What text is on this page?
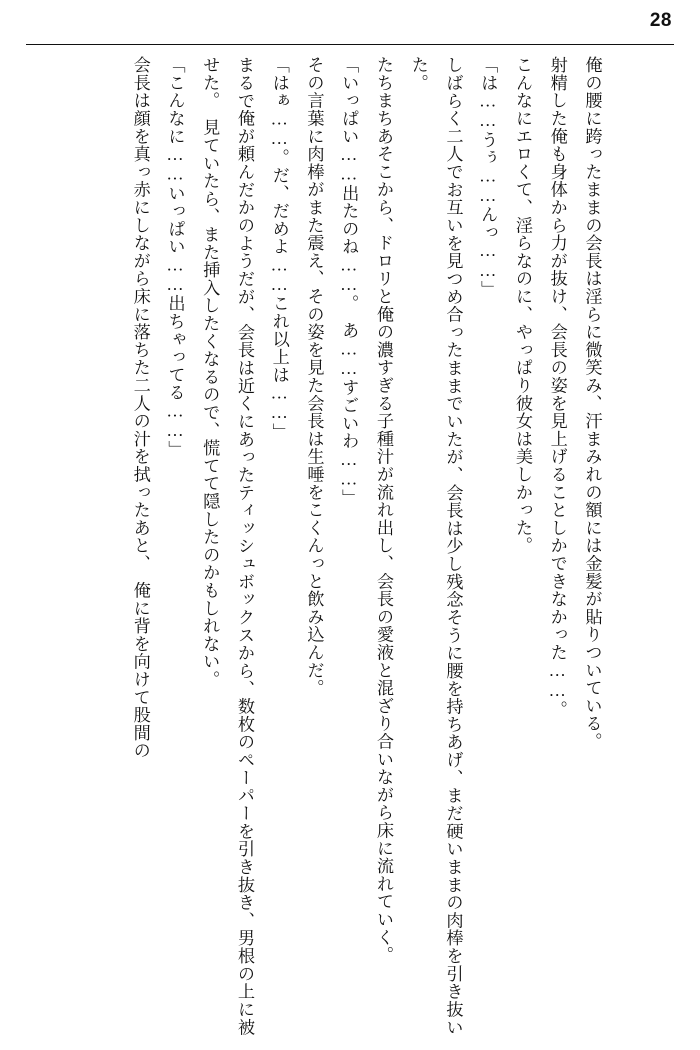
28

俺の腰に跨ったままの会長は淫らに微笑み、汗まみれの額には金髪が貼りついている。
射精した俺も身体から力が抜け、会長の姿を見上げることしかできなかった……。
こんなにエロくて、淫らなのに、やっぱり彼女は美しかった。
「は……うぅ……んっ……」
しばらく二人でお互いを見つめ合ったままでいたが、会長は少し残念そうに腰を持ちあげ、まだ硬いままの肉棒を引き抜いた。
たちまちあそこから、ドロリと俺の濃すぎる子種汁が流れ出し、会長の愛液と混ざり合いながら床に流れていく。
「いっぱい……出たのね……。　あ……すごいわ……」
その言葉に肉棒がまた震え、その姿を見た会長は生唾をこくんっと飲み込んだ。
「はぁ……。だ、だめよ……これ以上は……」
まるで俺が頼んだかのようだが、会長は近くにあったティッシュボックスから、数枚のペーパーを引き抜き、男根の上に被せた。　見ていたら、また挿入したくなるので、慌てて隠したのかもしれない。
「こんなに……いっぱい……出ちゃってる……」
会長は顔を真っ赤にしながら床に落ちた二人の汁を拭ったあと、　俺に背を向けて股間の
